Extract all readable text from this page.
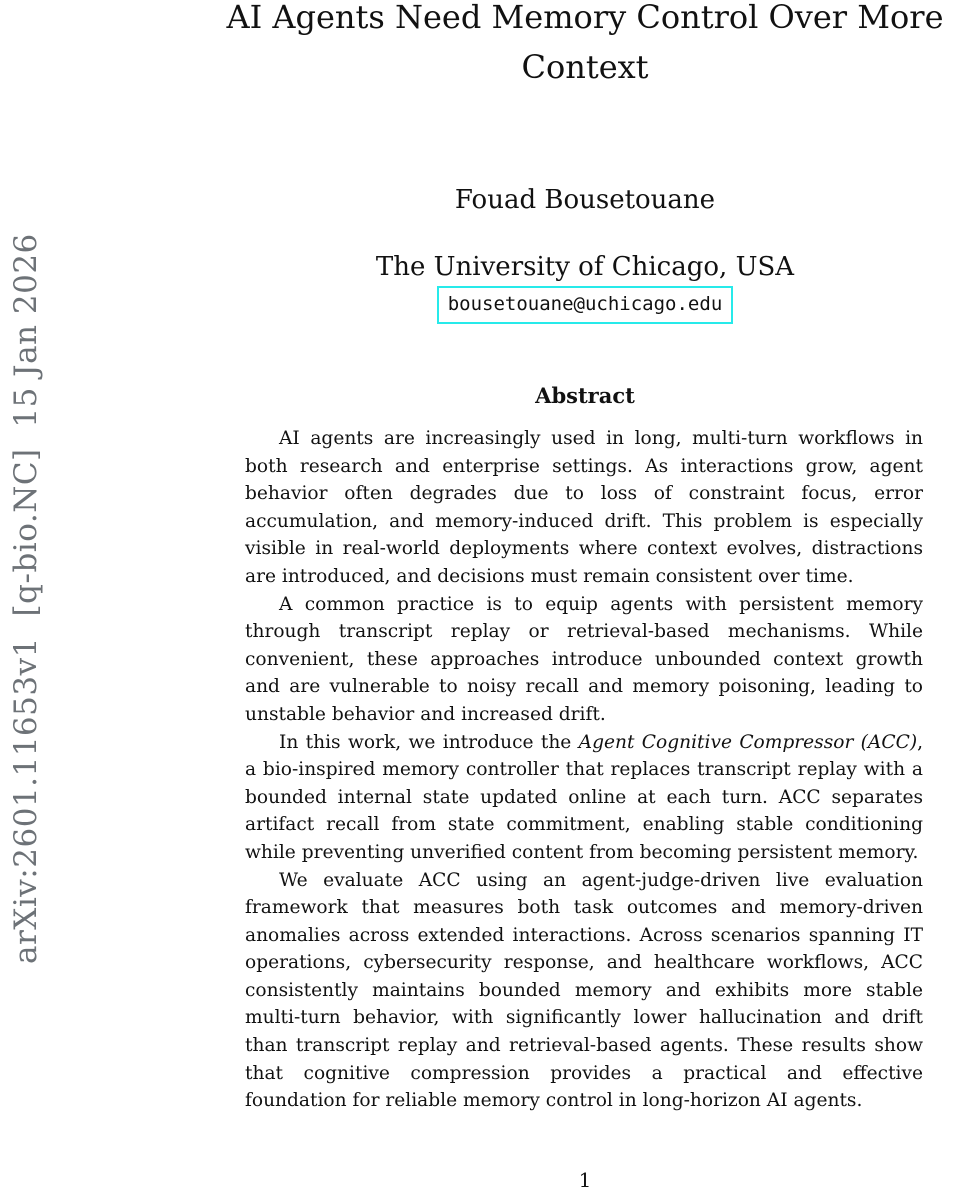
arXiv:2601.11653v1  [q-bio.NC]  15 Jan 2026
AI Agents Need Memory Control Over More Context
Fouad Bousetouane
The University of Chicago, USA
bousetouane@uchicago.edu
Abstract

AI agents are increasingly used in long, multi-turn workflows in both research and enterprise settings. As interactions grow, agent behavior often degrades due to loss of constraint focus, error accumulation, and memory-induced drift. This problem is especially visible in real-world deployments where context evolves, distractions are introduced, and decisions must remain consistent over time.

A common practice is to equip agents with persistent memory through transcript replay or retrieval-based mechanisms. While convenient, these approaches introduce unbounded context growth and are vulnerable to noisy recall and memory poisoning, leading to unstable behavior and increased drift.

In this work, we introduce the Agent Cognitive Compressor (ACC), a bio-inspired memory controller that replaces transcript replay with a bounded internal state updated online at each turn. ACC separates artifact recall from state commitment, enabling stable conditioning while preventing unverified content from becoming persistent memory.

We evaluate ACC using an agent-judge-driven live evaluation framework that measures both task outcomes and memory-driven anomalies across extended interactions. Across scenarios spanning IT operations, cybersecurity response, and healthcare workflows, ACC consistently maintains bounded memory and exhibits more stable multi-turn behavior, with significantly lower hallucination and drift than transcript replay and retrieval-based agents. These results show that cognitive compression provides a practical and effective foundation for reliable memory control in long-horizon AI agents.

1
